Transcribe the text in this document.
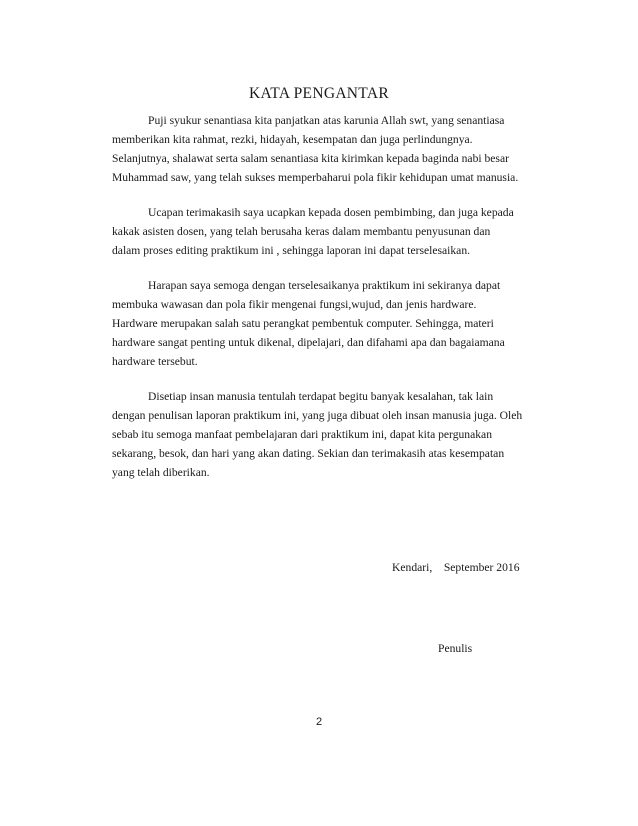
KATA PENGANTAR

Puji syukur senantiasa kita panjatkan atas karunia Allah swt, yang senantiasa
memberikan kita rahmat, rezki, hidayah, kesempatan dan juga perlindungnya.
Selanjutnya, shalawat serta salam senantiasa kita kirimkan kepada baginda nabi besar
Muhammad saw, yang telah sukses memperbaharui pola fikir kehidupan umat manusia.

Ucapan terimakasih saya ucapkan kepada dosen pembimbing, dan juga kepada
kakak asisten dosen, yang telah berusaha keras dalam membantu penyusunan dan
dalam proses editing praktikum ini , sehingga laporan ini dapat terselesaikan.

Harapan saya semoga dengan terselesaikanya praktikum ini sekiranya dapat
membuka wawasan dan pola fikir mengenai fungsi,wujud, dan jenis hardware.
Hardware merupakan salah satu perangkat pembentuk computer. Sehingga, materi
hardware sangat penting untuk dikenal, dipelajari, dan difahami apa dan bagaiamana
hardware tersebut.

Disetiap insan manusia tentulah terdapat begitu banyak kesalahan, tak lain
dengan penulisan laporan praktikum ini, yang juga dibuat oleh insan manusia juga. Oleh
sebab itu semoga manfaat pembelajaran dari praktikum ini, dapat kita pergunakan
sekarang, besok, dan hari yang akan dating. Sekian dan terimakasih atas kesempatan
yang telah diberikan.

Kendari,    September 2016

Penulis

2
